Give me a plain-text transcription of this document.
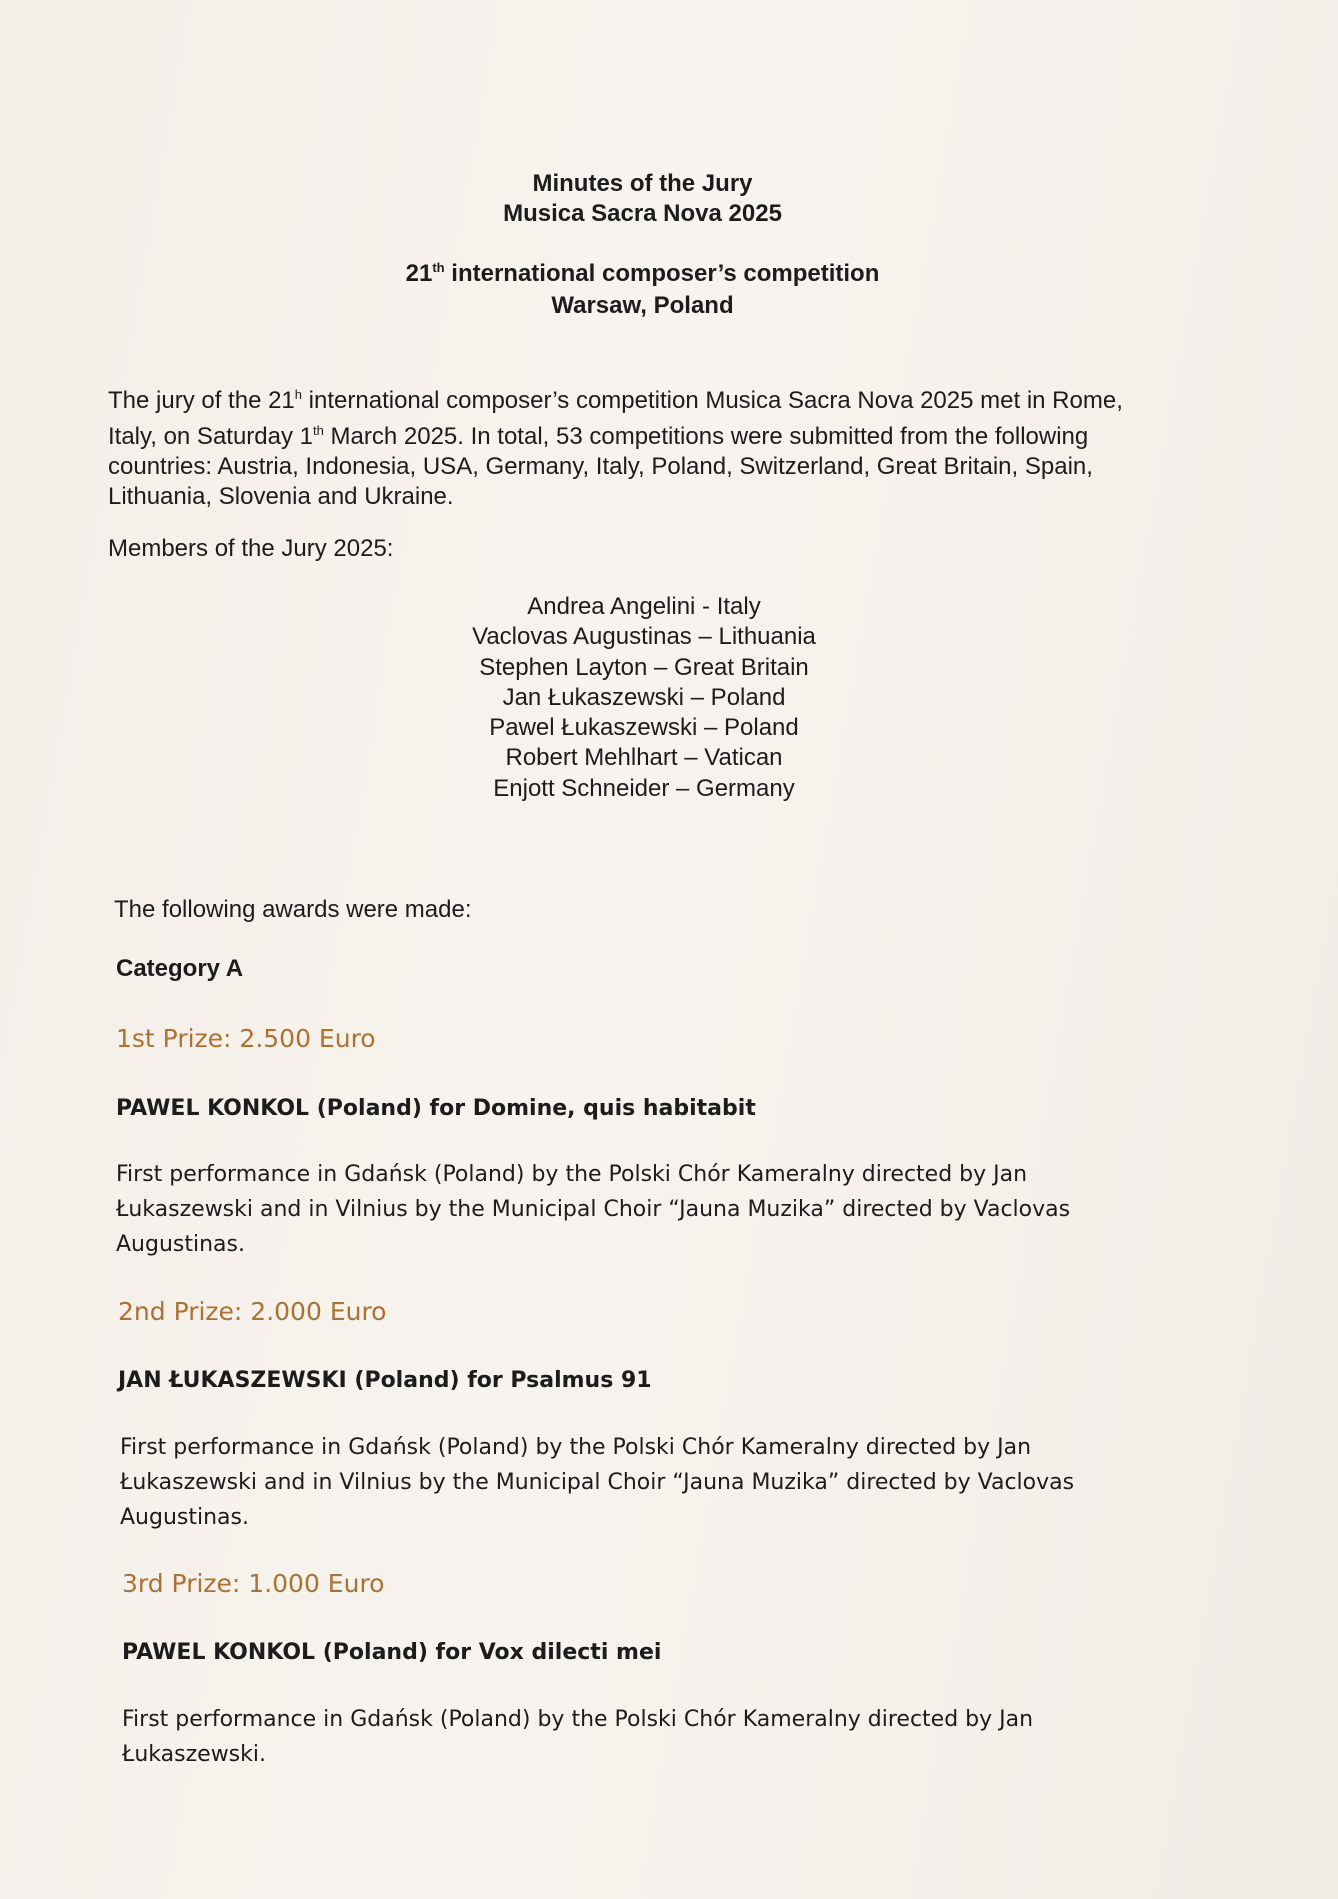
Minutes of the Jury
Musica Sacra Nova 2025
21th international composer’s competition
Warsaw, Poland

The jury of the 21$^h$ international composer’s competition Musica Sacra Nova 2025 met in Rome, Italy, on Saturday 1th March 2025. In total, 53 competitions were submitted from the following countries: Austria, Indonesia, USA, Germany, Italy, Poland, Switzerland, Great Britain, Spain, Lithuania, Slovenia and Ukraine.

Members of the Jury 2025:
Andrea Angelini - Italy
Vaclovas Augustinas – Lithuania
Stephen Layton – Great Britain
Jan Łukaszewski – Poland
Pawel Łukaszewski – Poland
Robert Mehlhart – Vatican
Enjott Schneider – Germany
The following awards were made:
Category A
1st Prize: 2.500 Euro
PAWEL KONKOL (Poland) for Domine, quis habitabit
First performance in Gdańsk (Poland) by the Polski Chór Kameralny directed by Jan
Łukaszewski and in Vilnius by the Municipal Choir “Jauna Muzika” directed by Vaclovas
Augustinas.
2nd Prize: 2.000 Euro
JAN ŁUKASZEWSKI (Poland) for Psalmus 91
First performance in Gdańsk (Poland) by the Polski Chór Kameralny directed by Jan
Łukaszewski and in Vilnius by the Municipal Choir “Jauna Muzika” directed by Vaclovas
Augustinas.
3rd Prize: 1.000 Euro
PAWEL KONKOL (Poland) for Vox dilecti mei
First performance in Gdańsk (Poland) by the Polski Chór Kameralny directed by Jan
Łukaszewski.
